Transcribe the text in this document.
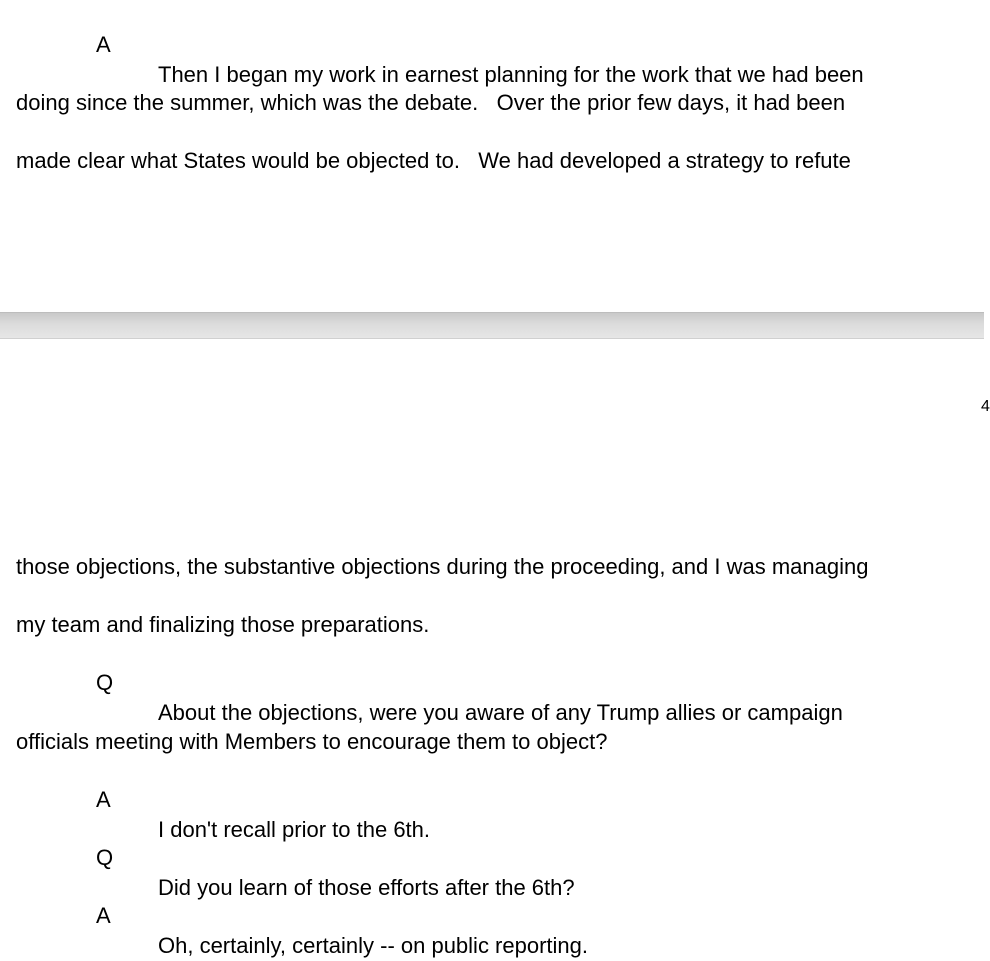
A

Then I began my work in earnest planning for the work that we had been

doing since the summer, which was the debate.   Over the prior few days, it had been

made clear what States would be objected to.   We had developed a strategy to refute

4

those objections, the substantive objections during the proceeding, and I was managing

my team and finalizing those preparations.

Q

About the objections, were you aware of any Trump allies or campaign

officials meeting with Members to encourage them to object?

A

I don't recall prior to the 6th.

Q

Did you learn of those efforts after the 6th?

A

Oh, certainly, certainly -- on public reporting.
